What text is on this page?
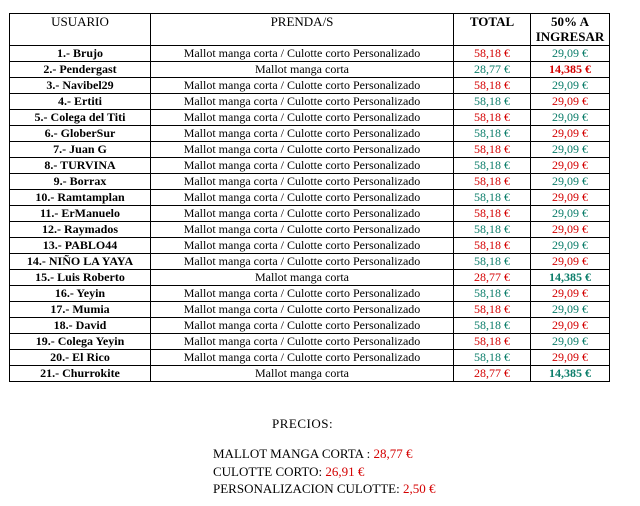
USUARIO	PRENDA/S	TOTAL	50% A
INGRESAR
1.- Brujo	Mallot manga corta / Culotte corto Personalizado	58,18 €	29,09 €
2.- Pendergast	Mallot manga corta	28,77 €	14,385 €
3.- Navibel29	Mallot manga corta / Culotte corto Personalizado	58,18 €	29,09 €
4.- Ertiti	Mallot manga corta / Culotte corto Personalizado	58,18 €	29,09 €
5.- Colega del Titi	Mallot manga corta / Culotte corto Personalizado	58,18 €	29,09 €
6.- GloberSur	Mallot manga corta / Culotte corto Personalizado	58,18 €	29,09 €
7.- Juan G	Mallot manga corta / Culotte corto Personalizado	58,18 €	29,09 €
8.- TURVINA	Mallot manga corta / Culotte corto Personalizado	58,18 €	29,09 €
9.- Borrax	Mallot manga corta / Culotte corto Personalizado	58,18 €	29,09 €
10.- Ramtamplan	Mallot manga corta / Culotte corto Personalizado	58,18 €	29,09 €
11.- ErManuelo	Mallot manga corta / Culotte corto Personalizado	58,18 €	29,09 €
12.- Raymados	Mallot manga corta / Culotte corto Personalizado	58,18 €	29,09 €
13.- PABLO44	Mallot manga corta / Culotte corto Personalizado	58,18 €	29,09 €
14.- NIÑO LA YAYA	Mallot manga corta / Culotte corto Personalizado	58,18 €	29,09 €
15.- Luis Roberto	Mallot manga corta	28,77 €	14,385 €
16.- Yeyin	Mallot manga corta / Culotte corto Personalizado	58,18 €	29,09 €
17.- Mumia	Mallot manga corta / Culotte corto Personalizado	58,18 €	29,09 €
18.- David	Mallot manga corta / Culotte corto Personalizado	58,18 €	29,09 €
19.- Colega Yeyin	Mallot manga corta / Culotte corto Personalizado	58,18 €	29,09 €
20.- El Rico	Mallot manga corta / Culotte corto Personalizado	58,18 €	29,09 €
21.- Churrokite	Mallot manga corta	28,77 €	14,385 €
PRECIOS:
MALLOT MANGA CORTA : 28,77 €
CULOTTE CORTO: 26,91 €
PERSONALIZACION CULOTTE: 2,50 €
